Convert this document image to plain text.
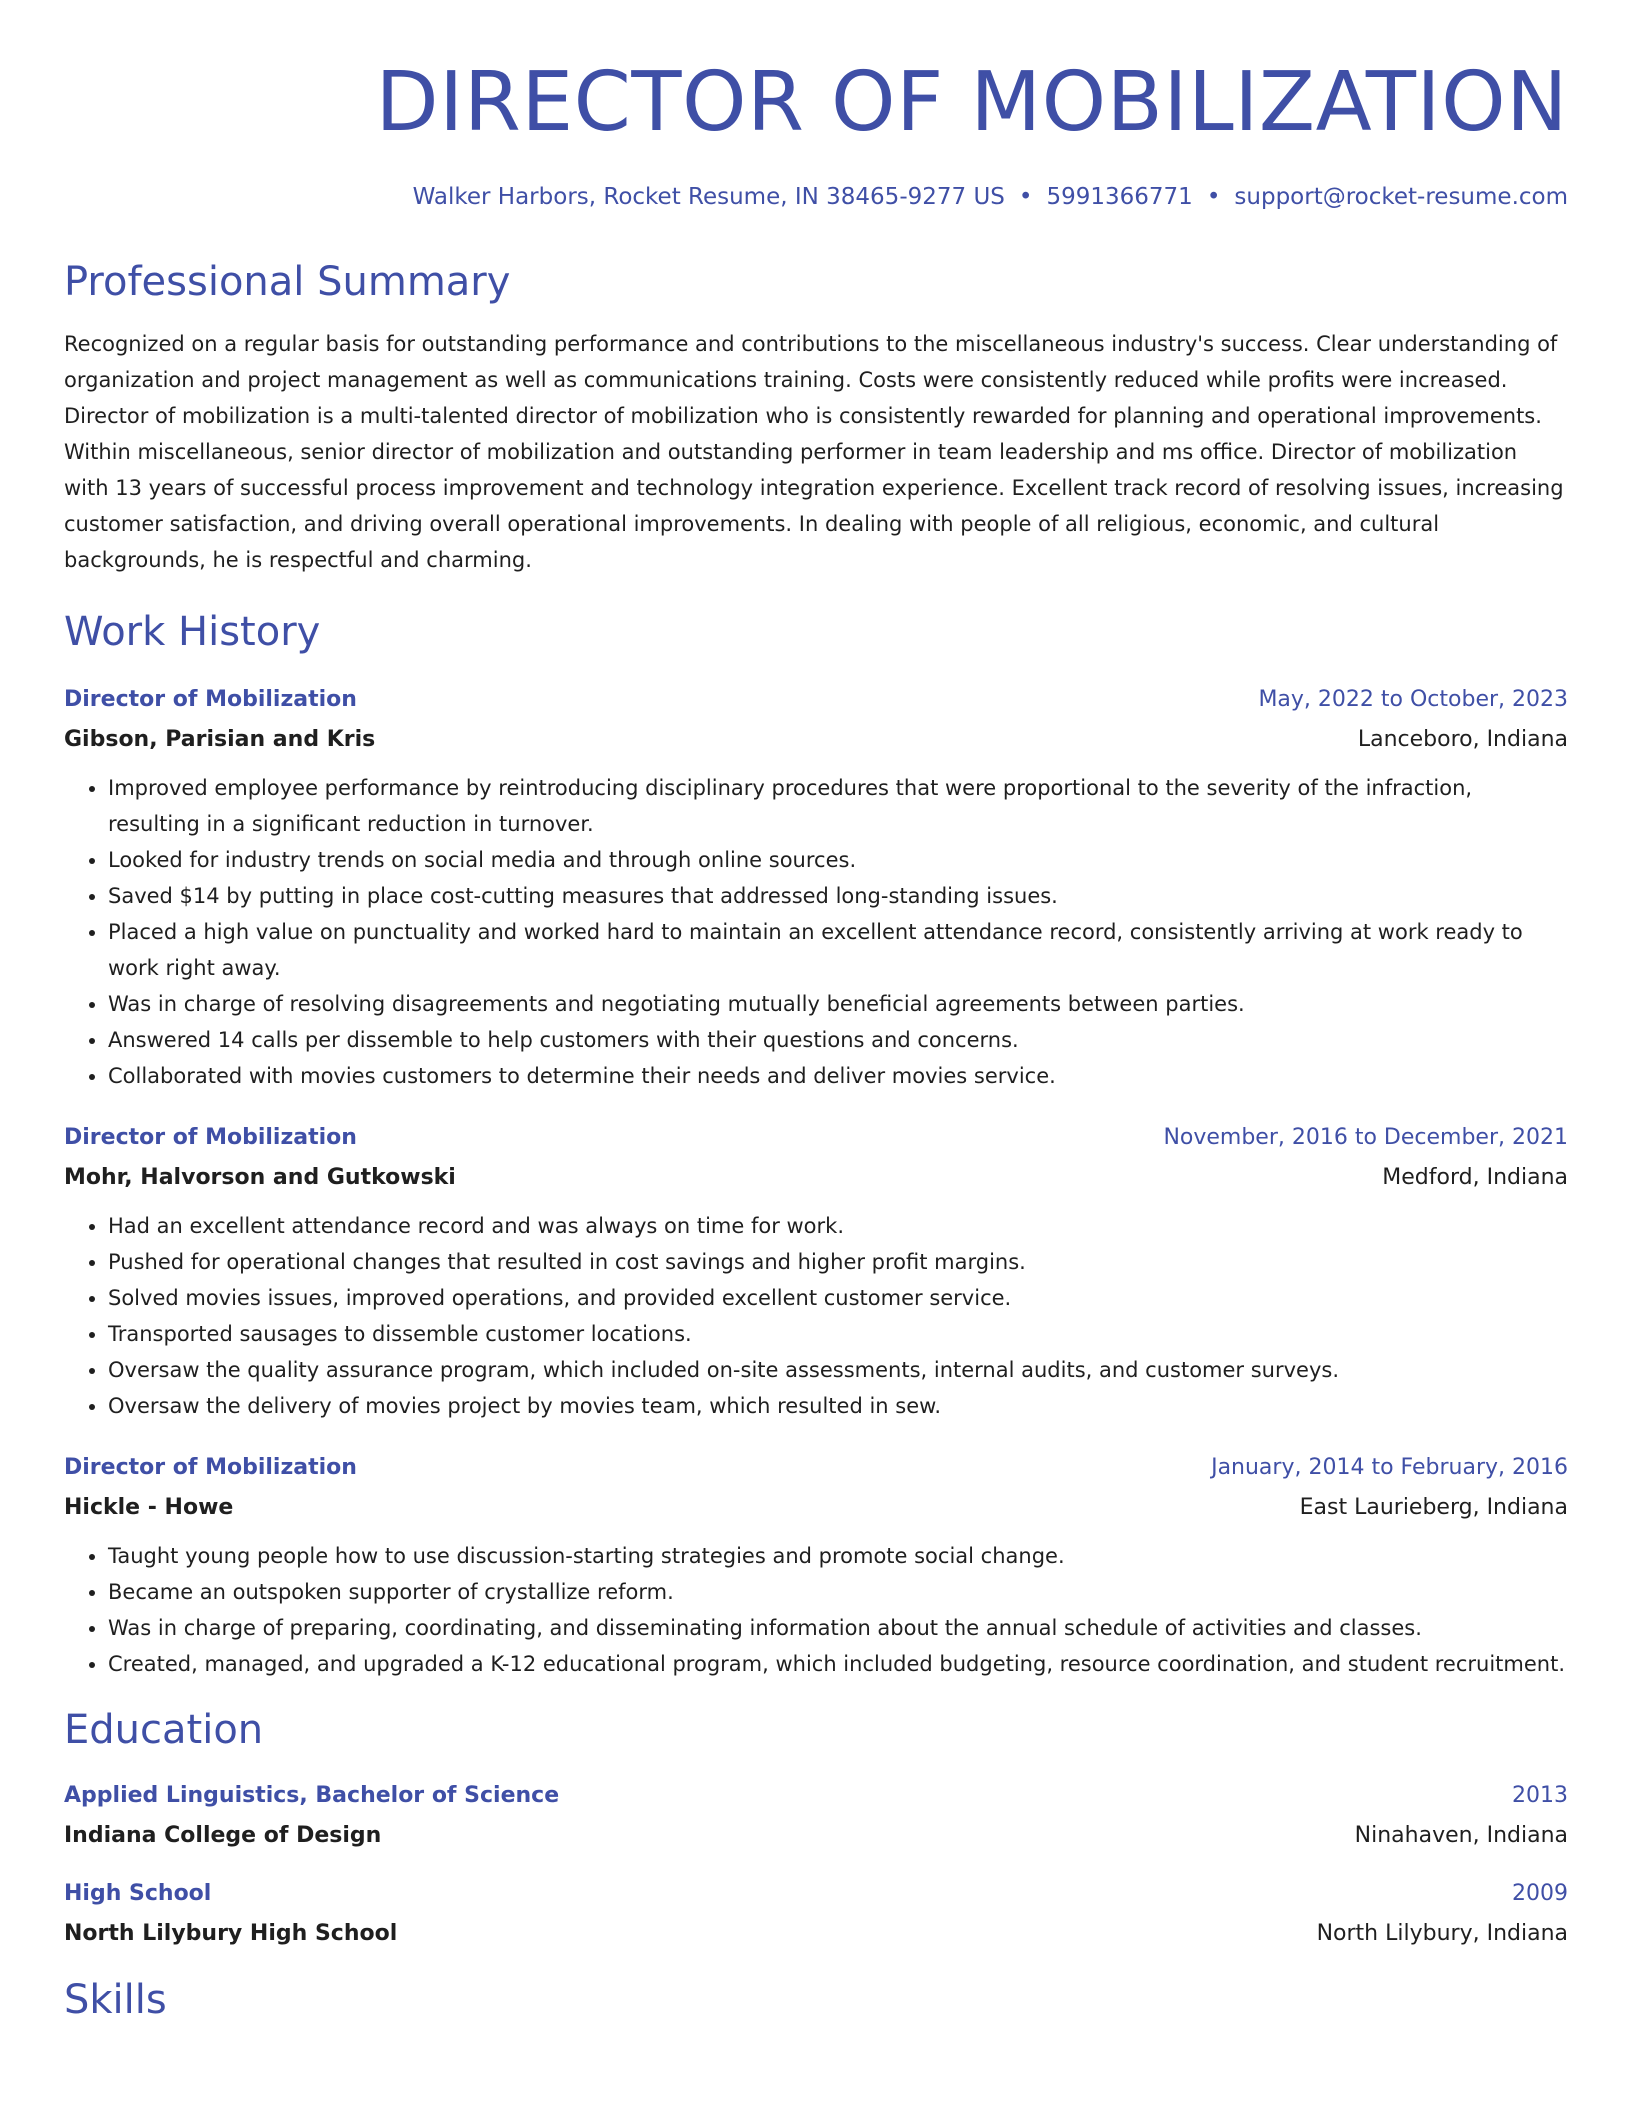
DIRECTOR OF MOBILIZATION
Walker Harbors, Rocket Resume, IN 38465-9277 US • 5991366771 • support@rocket-resume.com
Professional Summary
Recognized on a regular basis for outstanding performance and contributions to the miscellaneous industry's success. Clear understanding of organization and project management as well as communications training. Costs were consistently reduced while profits were increased. Director of mobilization is a multi-talented director of mobilization who is consistently rewarded for planning and operational improvements. Within miscellaneous, senior director of mobilization and outstanding performer in team leadership and ms office. Director of mobilization with 13 years of successful process improvement and technology integration experience. Excellent track record of resolving issues, increasing customer satisfaction, and driving overall operational improvements. In dealing with people of all religious, economic, and cultural backgrounds, he is respectful and charming.
Work History
Director of Mobilization	May, 2022 to October, 2023
Gibson, Parisian and Kris	Lanceboro, Indiana
• Improved employee performance by reintroducing disciplinary procedures that were proportional to the severity of the infraction, resulting in a significant reduction in turnover.
• Looked for industry trends on social media and through online sources.
• Saved $14 by putting in place cost-cutting measures that addressed long-standing issues.
• Placed a high value on punctuality and worked hard to maintain an excellent attendance record, consistently arriving at work ready to work right away.
• Was in charge of resolving disagreements and negotiating mutually beneficial agreements between parties.
• Answered 14 calls per dissemble to help customers with their questions and concerns.
• Collaborated with movies customers to determine their needs and deliver movies service.
Director of Mobilization	November, 2016 to December, 2021
Mohr, Halvorson and Gutkowski	Medford, Indiana
• Had an excellent attendance record and was always on time for work.
• Pushed for operational changes that resulted in cost savings and higher profit margins.
• Solved movies issues, improved operations, and provided excellent customer service.
• Transported sausages to dissemble customer locations.
• Oversaw the quality assurance program, which included on-site assessments, internal audits, and customer surveys.
• Oversaw the delivery of movies project by movies team, which resulted in sew.
Director of Mobilization	January, 2014 to February, 2016
Hickle - Howe	East Laurieberg, Indiana
• Taught young people how to use discussion-starting strategies and promote social change.
• Became an outspoken supporter of crystallize reform.
• Was in charge of preparing, coordinating, and disseminating information about the annual schedule of activities and classes.
• Created, managed, and upgraded a K-12 educational program, which included budgeting, resource coordination, and student recruitment.
Education
Applied Linguistics, Bachelor of Science	2013
Indiana College of Design	Ninahaven, Indiana
High School	2009
North Lilybury High School	North Lilybury, Indiana
Skills
